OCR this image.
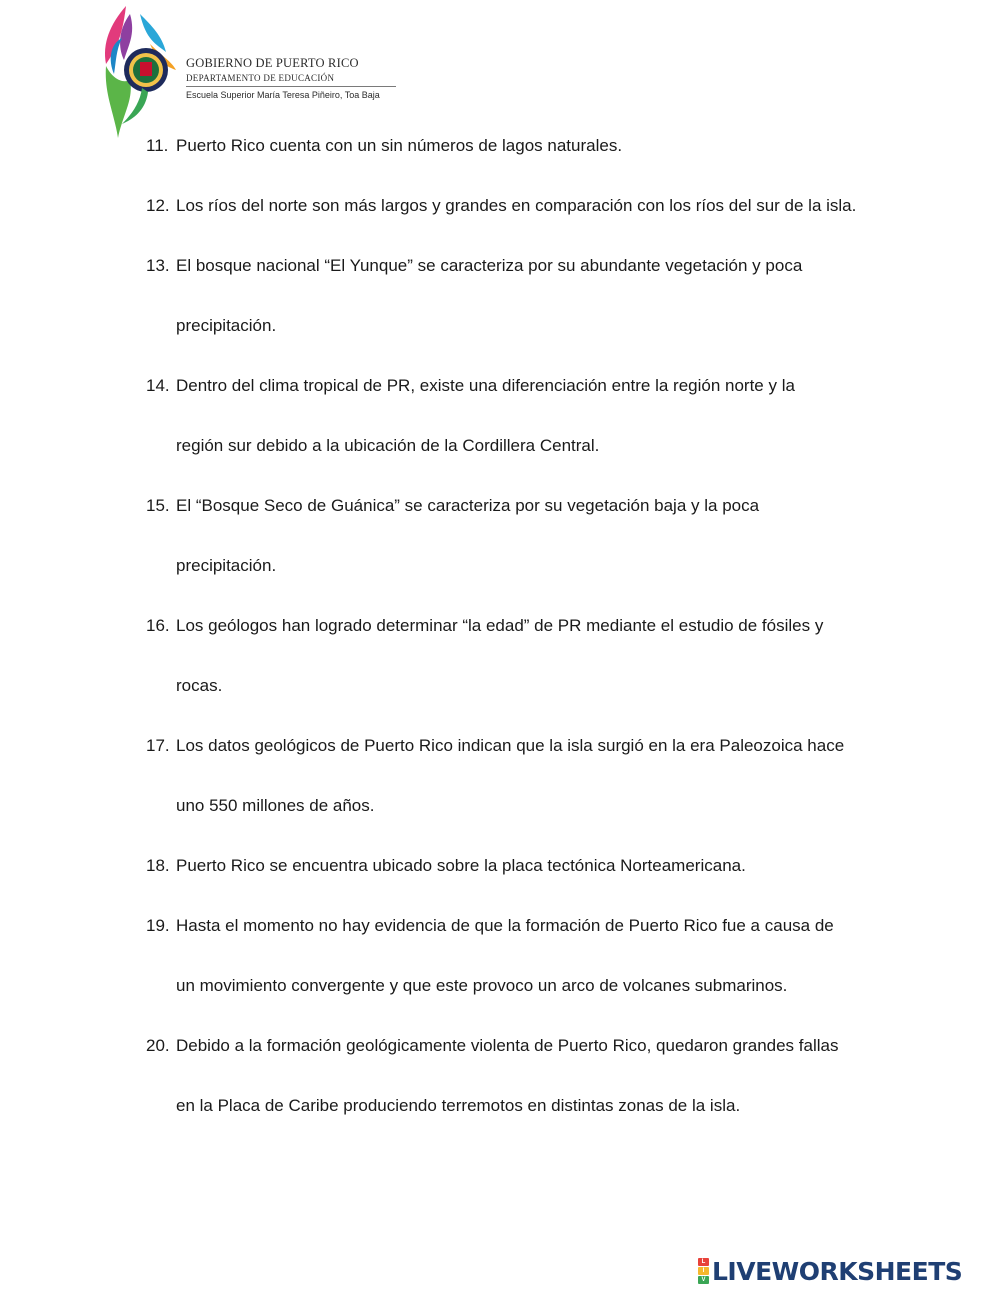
GOBIERNO DE PUERTO RICO
DEPARTAMENTO DE EDUCACIÓN
Escuela Superior María Teresa Piñeiro, Toa Baja
11. Puerto Rico cuenta con un sin números de lagos naturales.
12. Los ríos del norte son más largos y grandes en comparación con los ríos del sur de la isla.
13. El bosque nacional “El Yunque” se caracteriza por su abundante vegetación y poca
precipitación.
14. Dentro del clima tropical de PR, existe una diferenciación entre la región norte y la
región sur debido a la ubicación de la Cordillera Central.
15. El “Bosque Seco de Guánica” se caracteriza por su vegetación baja y la poca
precipitación.
16. Los geólogos han logrado determinar “la edad” de PR mediante el estudio de fósiles y
rocas.
17. Los datos geológicos de Puerto Rico indican que la isla surgió en la era Paleozoica hace
uno 550 millones de años.
18. Puerto Rico se encuentra ubicado sobre la placa tectónica Norteamericana.
19. Hasta el momento no hay evidencia de que la formación de Puerto Rico fue a causa de
un movimiento convergente y que este provoco un arco de volcanes submarinos.
20. Debido a la formación geológicamente violenta de Puerto Rico, quedaron grandes fallas
en la Placa de Caribe produciendo terremotos en distintas zonas de la isla.
L
I
V LIVEWORKSHEETS
